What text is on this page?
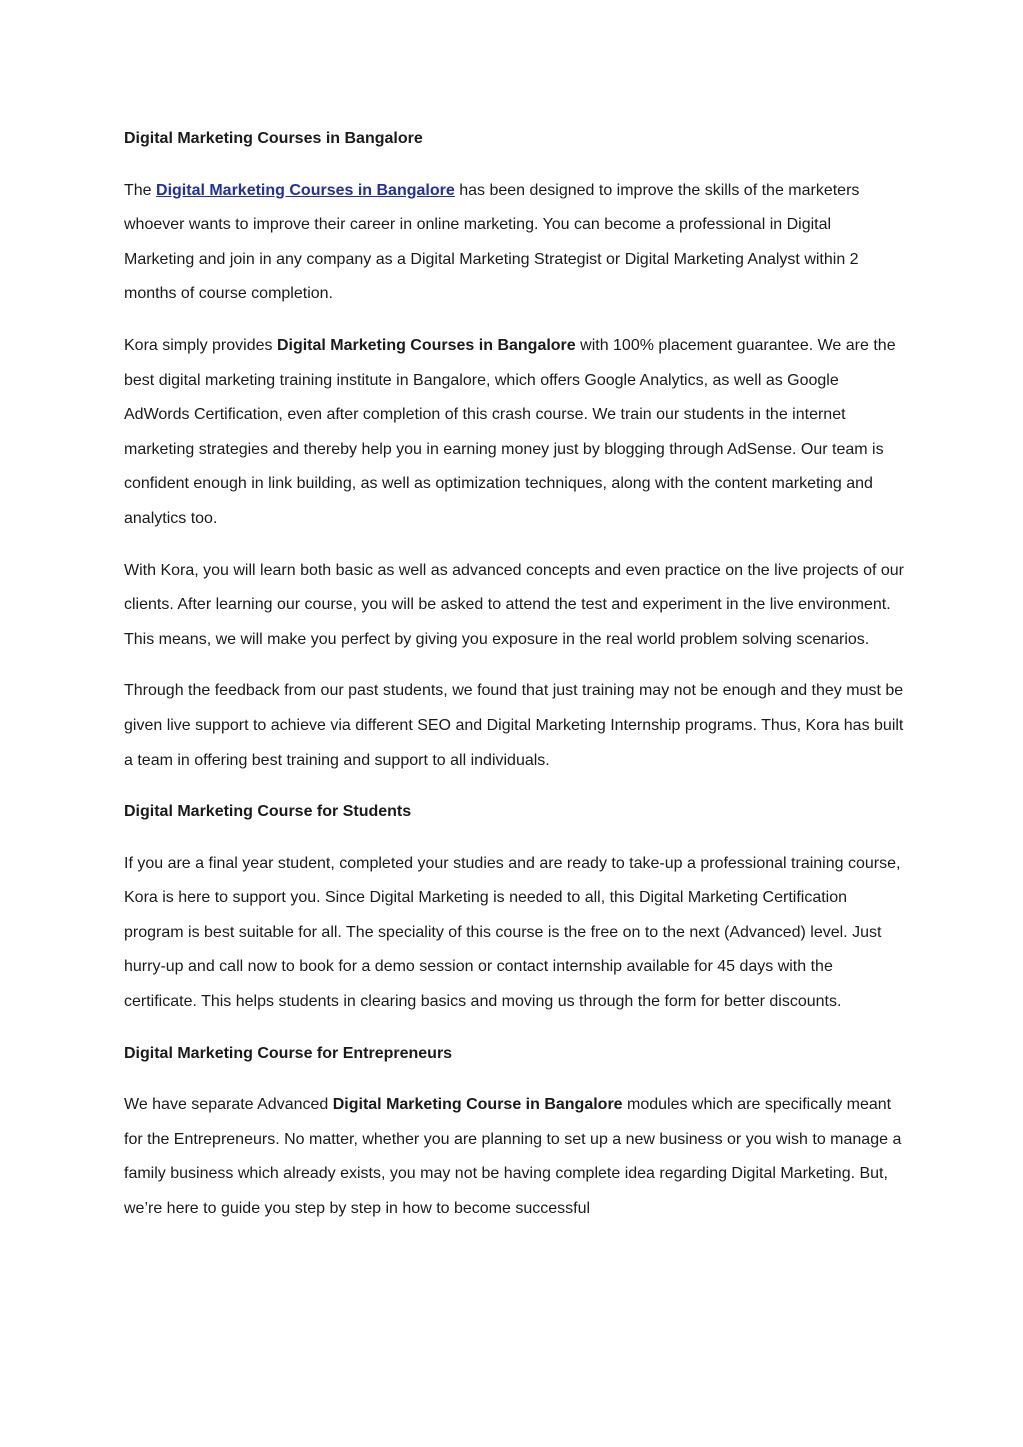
Digital Marketing Courses in Bangalore
The Digital Marketing Courses in Bangalore has been designed to improve the skills of the marketers whoever wants to improve their career in online marketing. You can become a professional in Digital Marketing and join in any company as a Digital Marketing Strategist or Digital Marketing Analyst within 2 months of course completion.
Kora simply provides Digital Marketing Courses in Bangalore with 100% placement guarantee. We are the best digital marketing training institute in Bangalore, which offers Google Analytics, as well as Google AdWords Certification, even after completion of this crash course. We train our students in the internet marketing strategies and thereby help you in earning money just by blogging through AdSense. Our team is confident enough in link building, as well as optimization techniques, along with the content marketing and analytics too.
With Kora, you will learn both basic as well as advanced concepts and even practice on the live projects of our clients. After learning our course, you will be asked to attend the test and experiment in the live environment. This means, we will make you perfect by giving you exposure in the real world problem solving scenarios.
Through the feedback from our past students, we found that just training may not be enough and they must be given live support to achieve via different SEO and Digital Marketing Internship programs. Thus, Kora has built a team in offering best training and support to all individuals.
Digital Marketing Course for Students
If you are a final year student, completed your studies and are ready to take-up a professional training course, Kora is here to support you. Since Digital Marketing is needed to all, this Digital Marketing Certification program is best suitable for all. The speciality of this course is the free on to the next (Advanced) level. Just hurry-up and call now to book for a demo session or contact internship available for 45 days with the certificate. This helps students in clearing basics and moving us through the form for better discounts.
Digital Marketing Course for Entrepreneurs
We have separate Advanced Digital Marketing Course in Bangalore modules which are specifically meant for the Entrepreneurs. No matter, whether you are planning to set up a new business or you wish to manage a family business which already exists, you may not be having complete idea regarding Digital Marketing. But, we’re here to guide you step by step in how to become successful
